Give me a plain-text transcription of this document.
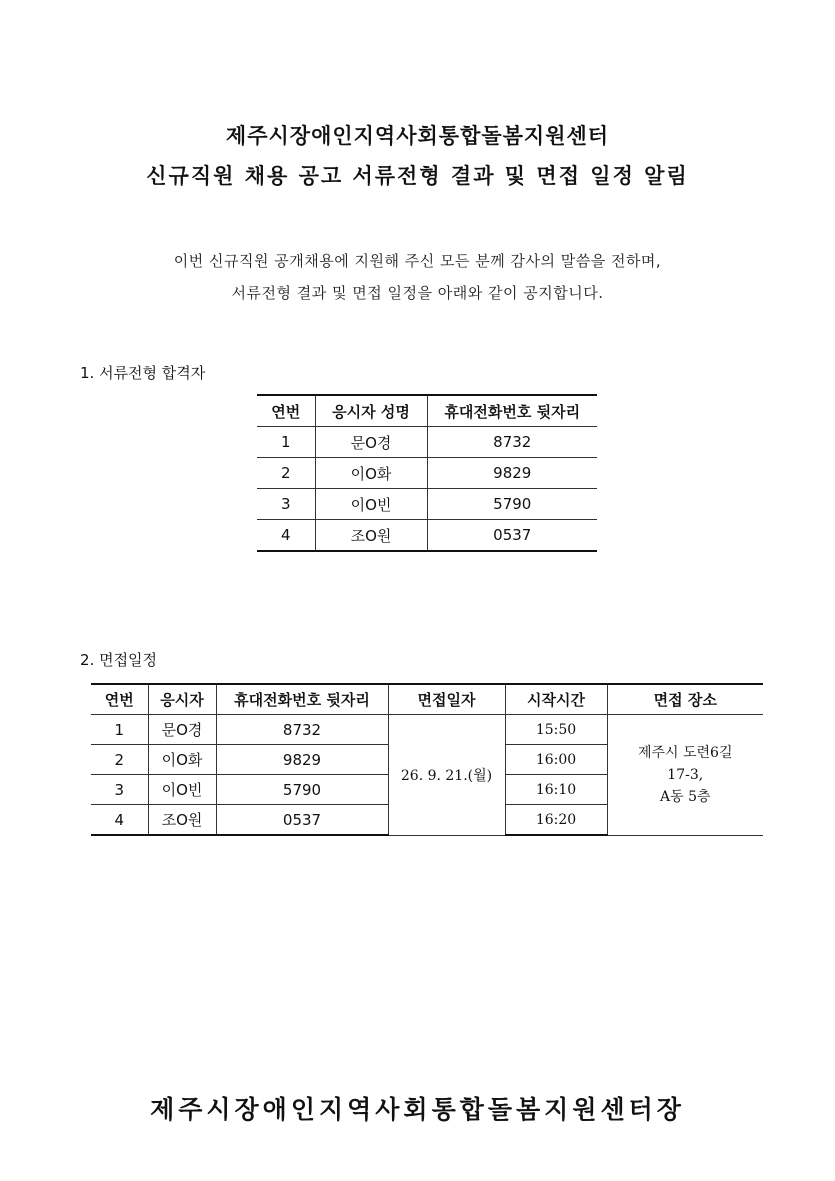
제주시장애인지역사회통합돌봄지원센터
신규직원 채용 공고 서류전형 결과 및 면접 일정 알림
이번 신규직원 공개채용에 지원해 주신 모든 분께 감사의 말씀을 전하며,
서류전형 결과 및 면접 일정을 아래와 같이 공지합니다.
1. 서류전형 합격자
연번	응시자 성명	휴대전화번호 뒷자리
1	문O경	8732
2	이O화	9829
3	이O빈	5790
4	조O원	0537
2. 면접일정
연번	응시자	휴대전화번호 뒷자리	면접일자	시작시간	면접 장소
1	문O경	8732	26. 9. 21.(월)	15:50	제주시 도련6길
17-3,
A동 5층

2	이O화	9829		16:00	
3	이O빈	5790		16:10	
4	조O원	0537		16:20	
제주시장애인지역사회통합돌봄지원센터장
